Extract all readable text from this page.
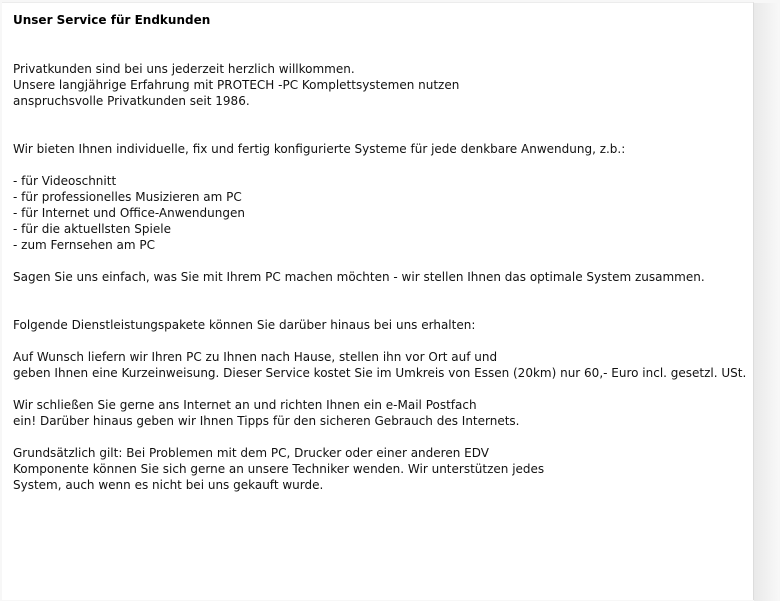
Unser Service für Endkunden
Privatkunden sind bei uns jederzeit herzlich willkommen.
Unsere langjährige Erfahrung mit PROTECH -PC Komplettsystemen nutzen
anspruchsvolle Privatkunden seit 1986.
Wir bieten Ihnen individuelle, fix und fertig konfigurierte Systeme für jede denkbare Anwendung, z.b.:
- für Videoschnitt
- für professionelles Musizieren am PC
- für Internet und Office-Anwendungen
- für die aktuellsten Spiele
- zum Fernsehen am PC
Sagen Sie uns einfach, was Sie mit Ihrem PC machen möchten - wir stellen Ihnen das optimale System zusammen.
Folgende Dienstleistungspakete können Sie darüber hinaus bei uns erhalten:
Auf Wunsch liefern wir Ihren PC zu Ihnen nach Hause, stellen ihn vor Ort auf und
geben Ihnen eine Kurzeinweisung. Dieser Service kostet Sie im Umkreis von Essen (20km) nur 60,- Euro incl. gesetzl. USt.
Wir schließen Sie gerne ans Internet an und richten Ihnen ein e-Mail Postfach
ein! Darüber hinaus geben wir Ihnen Tipps für den sicheren Gebrauch des Internets.
Grundsätzlich gilt: Bei Problemen mit dem PC, Drucker oder einer anderen EDV
Komponente können Sie sich gerne an unsere Techniker wenden. Wir unterstützen jedes
System, auch wenn es nicht bei uns gekauft wurde.
